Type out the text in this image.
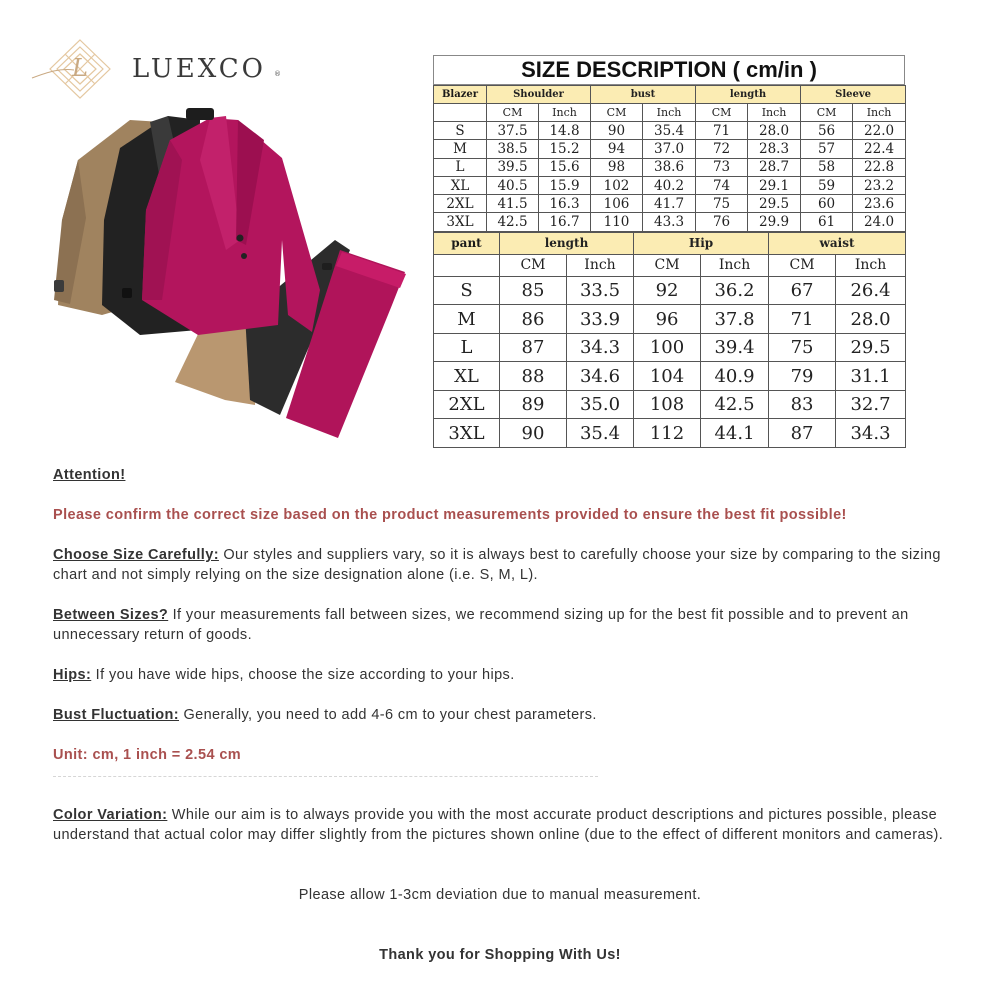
L LUEXCO ®	SIZE DESCRIPTION ( cm/in )
Blazer	Shoulder		bust		length		Sleeve	
	CM	Inch	CM	Inch	CM	Inch	CM	Inch
S	37.5	14.8	90	35.4	71	28.0	56	22.0
M	38.5	15.2	94	37.0	72	28.3	57	22.4
L	39.5	15.6	98	38.6	73	28.7	58	22.8
XL	40.5	15.9	102	40.2	74	29.1	59	23.2
2XL	41.5	16.3	106	41.7	75	29.5	60	23.6
3XL	42.5	16.7	110	43.3	76	29.9	61	24.0
pant	length		Hip		waist	
	CM	Inch	CM	Inch	CM	Inch
S	85	33.5	92	36.2	67	26.4
M	86	33.9	96	37.8	71	28.0
L	87	34.3	100	39.4	75	29.5
XL	88	34.6	104	40.9	79	31.1
2XL	89	35.0	108	42.5	83	32.7
3XL	90	35.4	112	44.1	87	34.3
Attention!
Please confirm the correct size based on the product measurements provided to ensure the best fit possible!
Choose Size Carefully: Our styles and suppliers vary, so it is always best to carefully choose your size by comparing to the sizing chart and not simply relying on the size designation alone (i.e. S, M, L).
Between Sizes? If your measurements fall between sizes, we recommend sizing up for the best fit possible and to prevent an unnecessary return of goods.
Hips: If you have wide hips, choose the size according to your hips.
Bust Fluctuation: Generally, you need to add 4-6 cm to your chest parameters.
Unit: cm, 1 inch = 2.54 cm
Color Variation: While our aim is to always provide you with the most accurate product descriptions and pictures possible, please understand that actual color may differ slightly from the pictures shown online (due to the effect of different monitors and cameras).
Please allow 1-3cm deviation due to manual measurement.
Thank you for Shopping With Us!
